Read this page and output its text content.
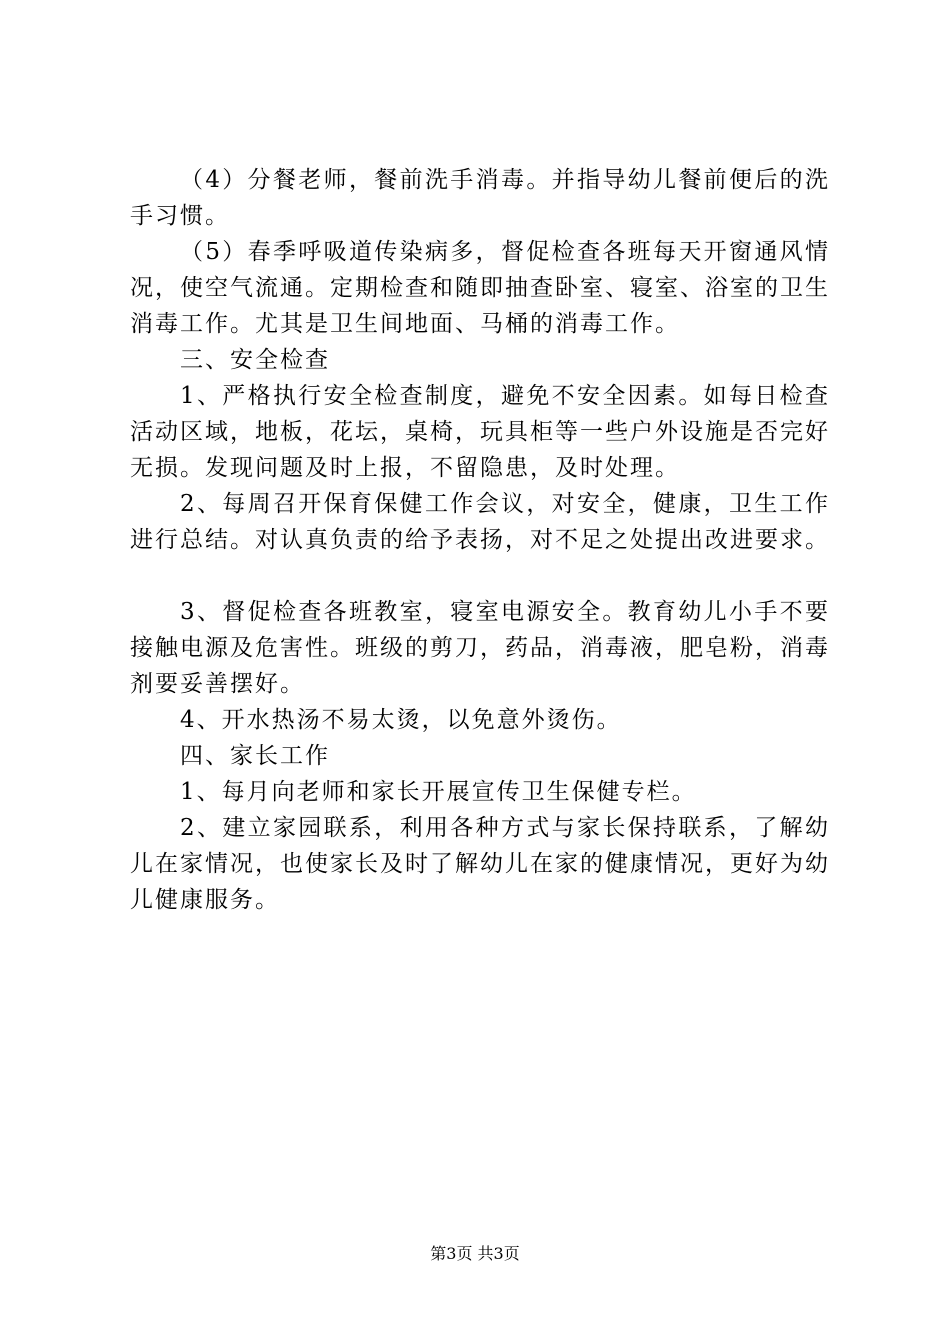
（4）分餐老师，餐前洗手消毒。并指导幼儿餐前便后的洗手习惯。

（5）春季呼吸道传染病多，督促检查各班每天开窗通风情况，使空气流通。定期检查和随即抽查卧室、寝室、浴室的卫生消毒工作。尤其是卫生间地面、马桶的消毒工作。

三、安全检查

1、严格执行安全检查制度，避免不安全因素。如每日检查活动区域，地板，花坛，桌椅，玩具柜等一些户外设施是否完好无损。发现问题及时上报，不留隐患，及时处理。

2、每周召开保育保健工作会议，对安全，健康，卫生工作进行总结。对认真负责的给予表扬，对不足之处提出改进要求。

3、督促检查各班教室，寝室电源安全。教育幼儿小手不要接触电源及危害性。班级的剪刀，药品，消毒液，肥皂粉，消毒剂要妥善摆好。

4、开水热汤不易太烫，以免意外烫伤。

四、家长工作

1、每月向老师和家长开展宣传卫生保健专栏。

2、建立家园联系，利用各种方式与家长保持联系，了解幼儿在家情况，也使家长及时了解幼儿在家的健康情况，更好为幼儿健康服务。

第3页 共3页
